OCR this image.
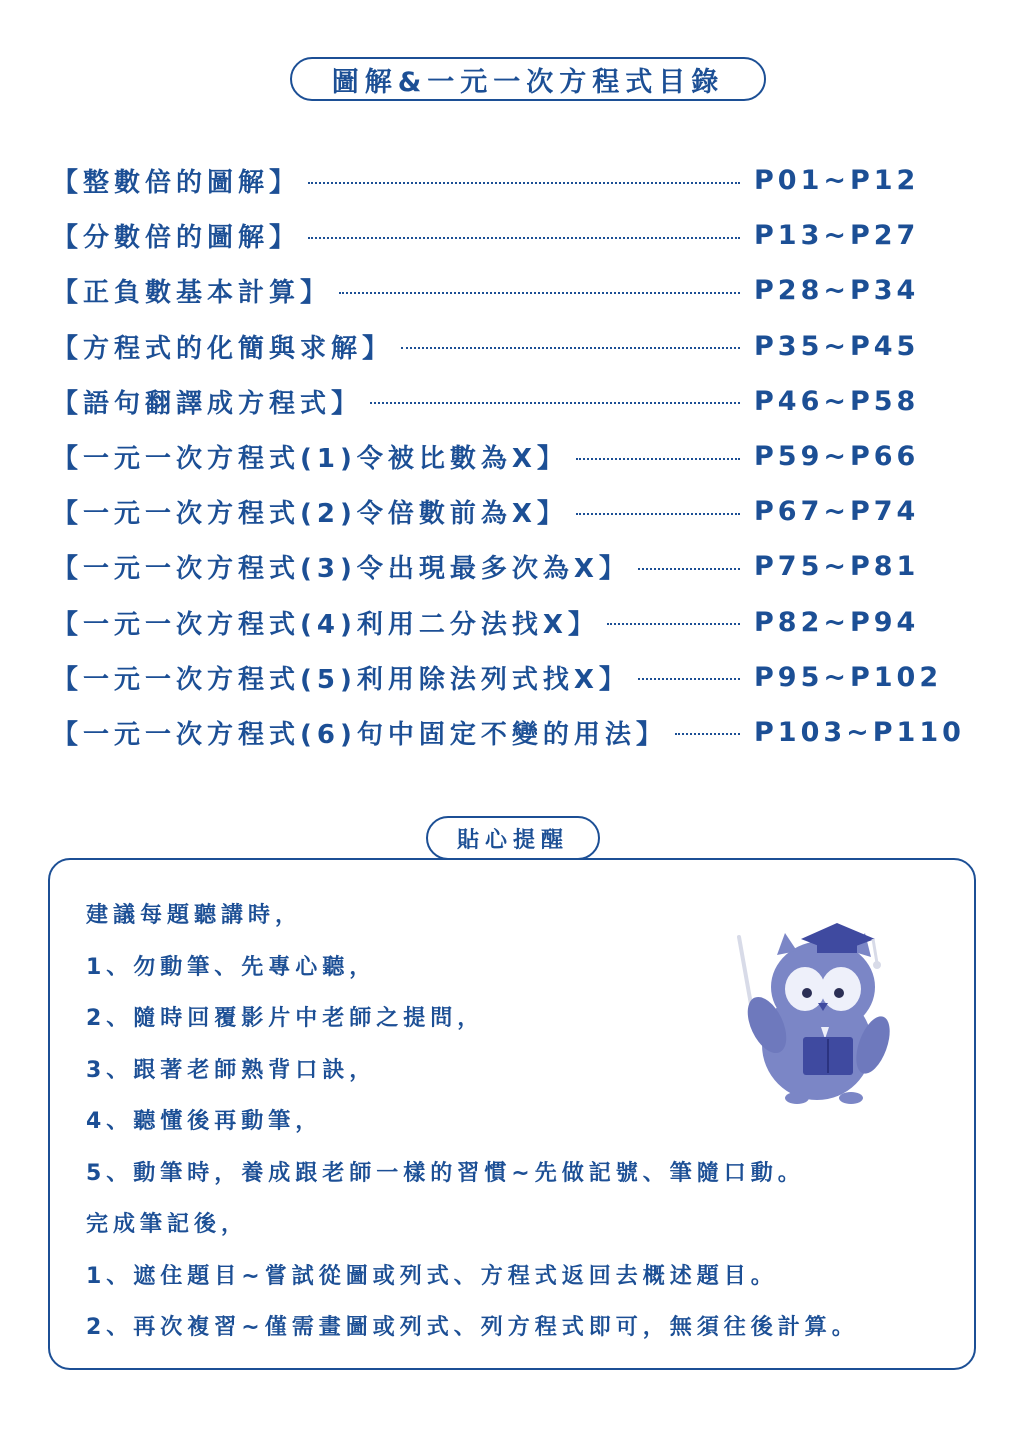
圖解&一元一次方程式目錄
【整數倍的圖解】	P01~P12
【分數倍的圖解】	P13~P27
【正負數基本計算】	P28~P34
【方程式的化簡與求解】	P35~P45
【語句翻譯成方程式】	P46~P58
【一元一次方程式(1)令被比數為X】	P59~P66
【一元一次方程式(2)令倍數前為X】	P67~P74
【一元一次方程式(3)令出現最多次為X】	P75~P81
【一元一次方程式(4)利用二分法找X】	P82~P94
【一元一次方程式(5)利用除法列式找X】	P95~P102
【一元一次方程式(6)句中固定不變的用法】	P103~P110
貼心提醒
建議每題聽講時，
1、勿動筆、先專心聽，
2、隨時回覆影片中老師之提問，
3、跟著老師熟背口訣，
4、聽懂後再動筆，
5、動筆時，養成跟老師一樣的習慣~先做記號、筆隨口動。
完成筆記後，
1、遮住題目~嘗試從圖或列式、方程式返回去概述題目。
2、再次複習~僅需畫圖或列式、列方程式即可，無須往後計算。
